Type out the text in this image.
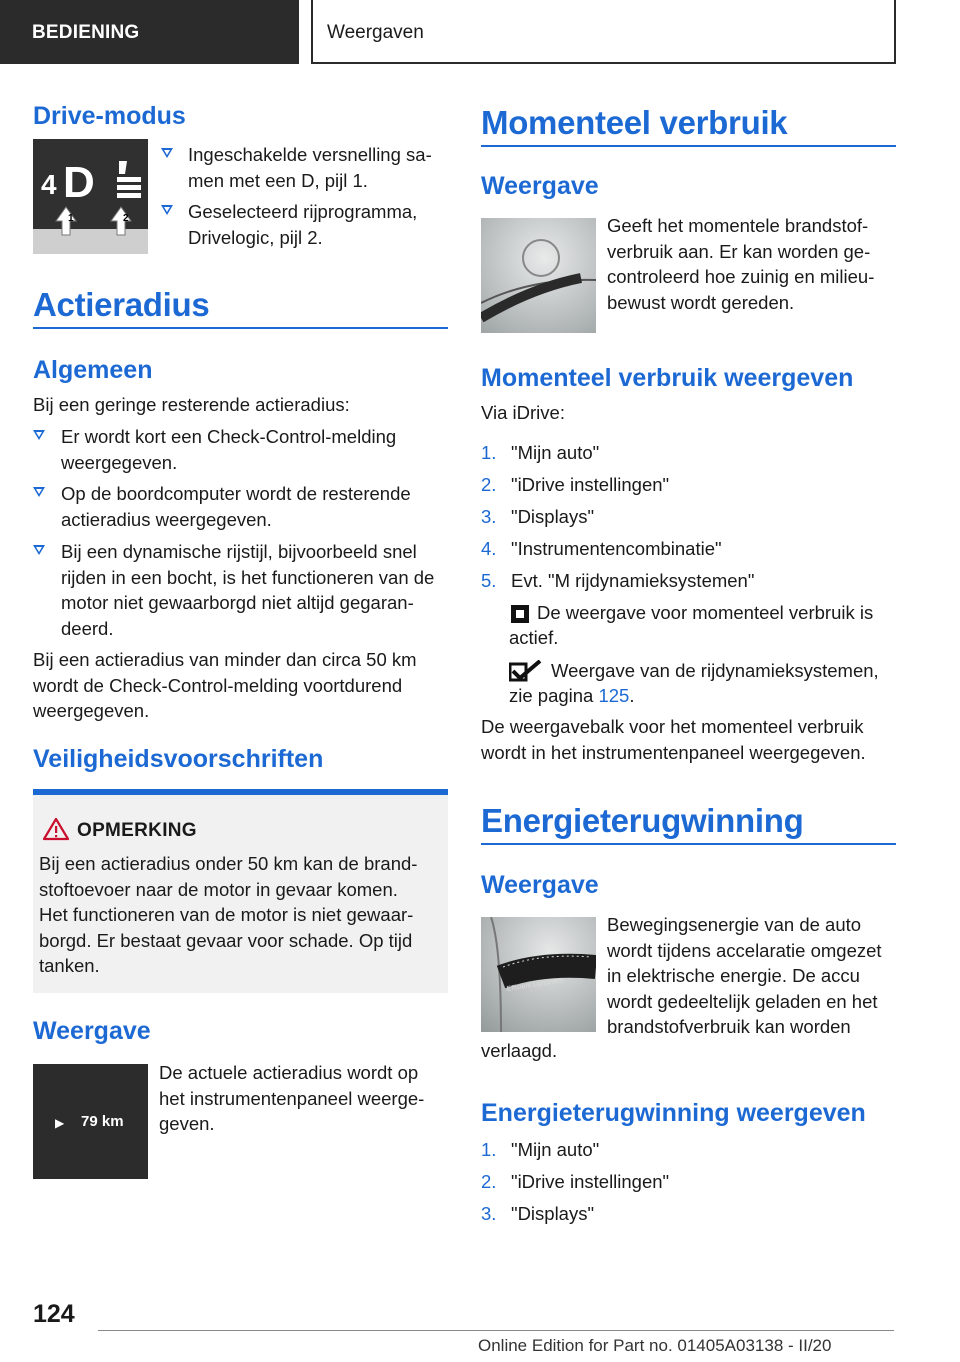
BEDIENING	Weergaven
Drive-modus
4 D
1	2
Ingeschakelde versnelling sa-
men met een D, pijl 1.
Geselecteerd rijprogramma,
Drivelogic, pijl 2.
Actieradius
Algemeen
Bij een geringe resterende actieradius:
Er wordt kort een Check-Control-melding
weergegeven.
Op de boordcomputer wordt de resterende
actieradius weergegeven.
Bij een dynamische rijstijl, bijvoorbeeld snel
rijden in een bocht, is het functioneren van de
motor niet gewaarborgd niet altijd gegaran-
deerd.
Bij een actieradius van minder dan circa 50 km
wordt de Check-Control-melding voortdurend
weergegeven.
Veiligheidsvoorschriften
OPMERKING
Bij een actieradius onder 50 km kan de brand-
stoftoevoer naar de motor in gevaar komen.
Het functioneren van de motor is niet gewaar-
borgd. Er bestaat gevaar voor schade. Op tijd
tanken.
Weergave
▶ 79 km
De actuele actieradius wordt op
het instrumentenpaneel weerge-
geven.
Momenteel verbruik
Weergave
Geeft het momentele brandstof-
verbruik aan. Er kan worden ge-
controleerd hoe zuinig en milieu-
bewust wordt gereden.
Momenteel verbruik weergeven
Via iDrive:
1. "Mijn auto"
2. "iDrive instellingen"
3. "Displays"
4. "Instrumentencombinatie"
5. Evt. "M rijdynamieksystemen"
De weergave voor momenteel verbruik is
actief.
Weergave van de rijdynamieksystemen,
zie pagina 125.
De weergavebalk voor het momenteel verbruik
wordt in het instrumentenpaneel weergegeven.
Energieterugwinning
Weergave
Efficient Dynamics
Bewegingsenergie van de auto
wordt tijdens accelaratie omgezet
in elektrische energie. De accu
wordt gedeeltelijk geladen en het
brandstofverbruik kan worden
verlaagd.
Energieterugwinning weergeven
1. "Mijn auto"
2. "iDrive instellingen"
3. "Displays"
124
Online Edition for Part no. 01405A03138 - II/20
